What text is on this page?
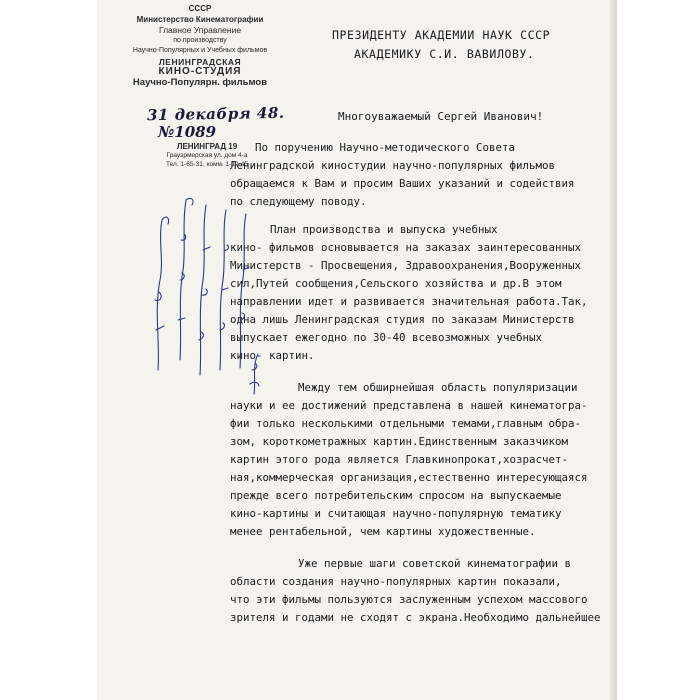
СССР
Министерство Кинематографии
Главное Управление
по производству
Научно-Популярных и Учебных фильмов
ЛЕНИНГРАДСКАЯ
КИНО-СТУДИЯ
Научно-Популярн. фильмов
31 декабря 48.
№1089
ЛЕНИНГРАД 19
Грауэрмерская ул. дом 4-а
Тел. 1-65-31, комм. 1-12-45
ПРЕЗИДЕНТУ АКАДЕМИИ НАУК СССР
АКАДЕМИКУ С.И. ВАВИЛОВУ.
Многоуважаемый Сергей Иванович!
По поручению Научно-методического Совета
Ленинградской киностудии научно-популярных фильмов
обращаемся к Вам и просим Ваших указаний и содействия
по следующему поводу.
План производства и выпуска учебных
кино- фильмов основывается на заказах заинтересованных
Министерств - Просвещения, Здравоохранения,Вооруженных
сил,Путей сообщения,Сельского хозяйства и др.В этом
направлении идет и развивается значительная работа.Так,
одна лишь Ленинградская студия по заказам Министерств
выпускает ежегодно по 30-40 всевозможных учебных
кино- картин.
Между тем обширнейшая область популяризации
науки и ее достижений представлена в нашей кинематогра-
фии только несколькими отдельными темами,главным обра-
зом, короткометражных картин.Единственным заказчиком
картин этого рода является Главкинопрокат,хозрасчет-
ная,коммерческая организация,естественно интересующаяся
прежде всего потребительским спросом на выпускаемые
кино-картины и считающая научно-популярную тематику
менее рентабельной, чем картины художественные.
Уже первые шаги советской кинематографии в
области создания научно-популярных картин показали,
что эти фильмы пользуются заслуженным успехом массового
зрителя и годами не сходят с экрана.Необходимо дальнейшее
